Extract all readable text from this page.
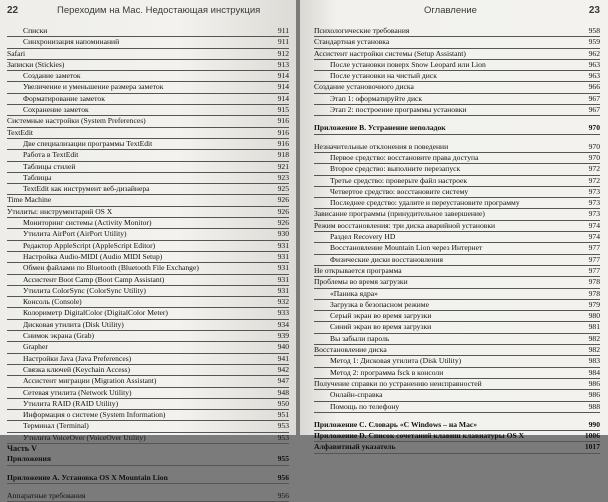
22	Переходим на Mac. Недостающая инструкция
Списки	911
Синхронизация напоминаний	911
Safari	912
Записки (Stickies)	913
Создание заметок	914
Увеличение и уменьшение размера заметок	914
Форматирование заметок	914
Сохранение заметок	915
Системные настройки (System Preferences)	916
TextEdit	916
Две специализации программы TextEdit	916
Работа в TextEdit	918
Таблицы стилей	921
Таблицы	923
TextEdit как инструмент веб-дизайнера	925
Time Machine	926
Утилиты: инструментарий OS X	926
Мониторинг системы (Activity Monitor)	926
Утилита AirPort (AirPort Utility)	930
Редактор AppleScript (AppleScript Editor)	931
Настройка Audio-MIDI (Audio MIDI Setup)	931
Обмен файлами по Bluetooth (Bluetooth File Exchange)	931
Ассистент Boot Camp (Boot Camp Assistant)	931
Утилита ColorSync (ColorSync Utility)	931
Консоль (Console)	932
Колориметр DigitalColor (DigitalColor Meter)	933
Дисковая утилита (Disk Utility)	934
Снимок экрана (Grab)	939
Grapher	940
Настройки Java (Java Preferences)	941
Связка ключей (Keychain Access)	942
Ассистент миграции (Migration Assistant)	947
Сетевая утилита (Network Utility)	948
Утилита RAID (RAID Utility)	950
Информация о системе (System Information)	951
Терминал (Terminal)	953
Утилита VoiceOver (VoiceOver Utility)	953
Часть V
Приложения	955
Приложение А. Установка OS X Mountain Lion	956
Аппаратные требования	956
Оглавление	23
Психологические требования	958
Стандартная установка	959
Ассистент настройки системы (Setup Assistant)	962
После установки поверх Snow Leopard или Lion	963
После установки на чистый диск	963
Создание установочного диска	966
Этап 1: оформатируйте диск	967
Этап 2: построение программы установки	967
Приложение В. Устранение неполадок	970
Незначительные отклонения в поведении	970
Первое средство: восстановите права доступа	970
Второе средство: выполните перезапуск	972
Третье средство: проверьте файл настроек	972
Четвертое средство: восстановите систему	973
Последнее средство: удалите и переустановите программу	973
Зависание программы (принудительное завершение)	973
Режим восстановления: три диска аварийной установки	974
Раздел Recovery HD	974
Восстановление Mountain Lion через Интернет	977
Физические диски восстановления	977
Не открывается программа	977
Проблемы во время загрузки	978
«Паника ядра»	978
Загрузка в безопасном режиме	979
Серый экран во время загрузки	980
Синий экран во время загрузки	981
Вы забыли пароль	982
Восстановление диска	982
Метод 1: Дисковая утилита (Disk Utility)	983
Метод 2: программа fsck в консоли	984
Получение справки по устранению неисправностей	986
Онлайн-справка	986
Помощь по телефону	988
Приложение С. Словарь «С Windows – на Mac»	990
Приложение D. Список сочетаний клавиш клавиатуры OS X	1006
Алфавитный указатель	1017
